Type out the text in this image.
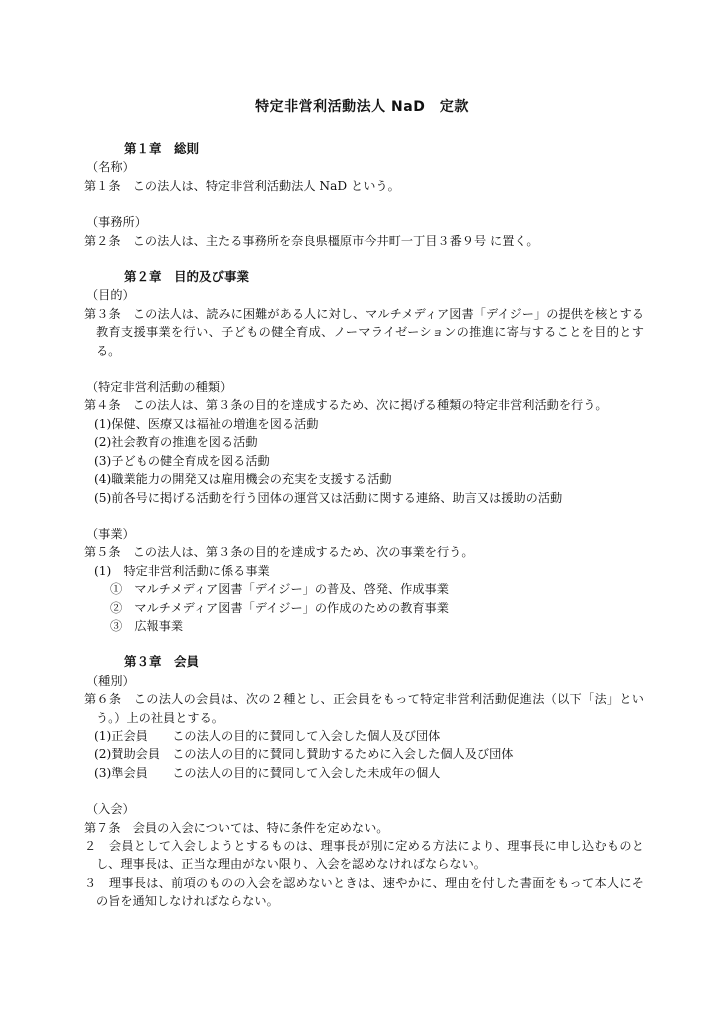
特定非営利活動法人 NaD　定款
第１章　総則
（名称）
第１条　この法人は、特定非営利活動法人 NaD という。
（事務所）
第２条　この法人は、主たる事務所を奈良県橿原市今井町一丁目３番９号 に置く。
第２章　目的及び事業
（目的）
第３条　この法人は、読みに困難がある人に対し、マルチメディア図書「デイジー」の提供を核とする教育支援事業を行い、子どもの健全育成、ノーマライゼーションの推進に寄与することを目的とする。
（特定非営利活動の種類）
第４条　この法人は、第３条の目的を達成するため、次に掲げる種類の特定非営利活動を行う。
(1)保健、医療又は福祉の増進を図る活動
(2)社会教育の推進を図る活動
(3)子どもの健全育成を図る活動
(4)職業能力の開発又は雇用機会の充実を支援する活動
(5)前各号に掲げる活動を行う団体の運営又は活動に関する連絡、助言又は援助の活動
（事業）
第５条　この法人は、第３条の目的を達成するため、次の事業を行う。
(1)　特定非営利活動に係る事業
①　マルチメディア図書「デイジー」の普及、啓発、作成事業
②　マルチメディア図書「デイジー」の作成のための教育事業
③　広報事業
第３章　会員
（種別）
第６条　この法人の会員は、次の２種とし、正会員をもって特定非営利活動促進法（以下「法」という。）上の社員とする。
(1)正会員　　この法人の目的に賛同して入会した個人及び団体
(2)賛助会員　この法人の目的に賛同し賛助するために入会した個人及び団体
(3)準会員　　この法人の目的に賛同して入会した未成年の個人
（入会）
第７条　会員の入会については、特に条件を定めない。
２　会員として入会しようとするものは、理事長が別に定める方法により、理事長に申し込むものとし、理事長は、正当な理由がない限り、入会を認めなければならない。
３　理事長は、前項のものの入会を認めないときは、速やかに、理由を付した書面をもって本人にその旨を通知しなければならない。
